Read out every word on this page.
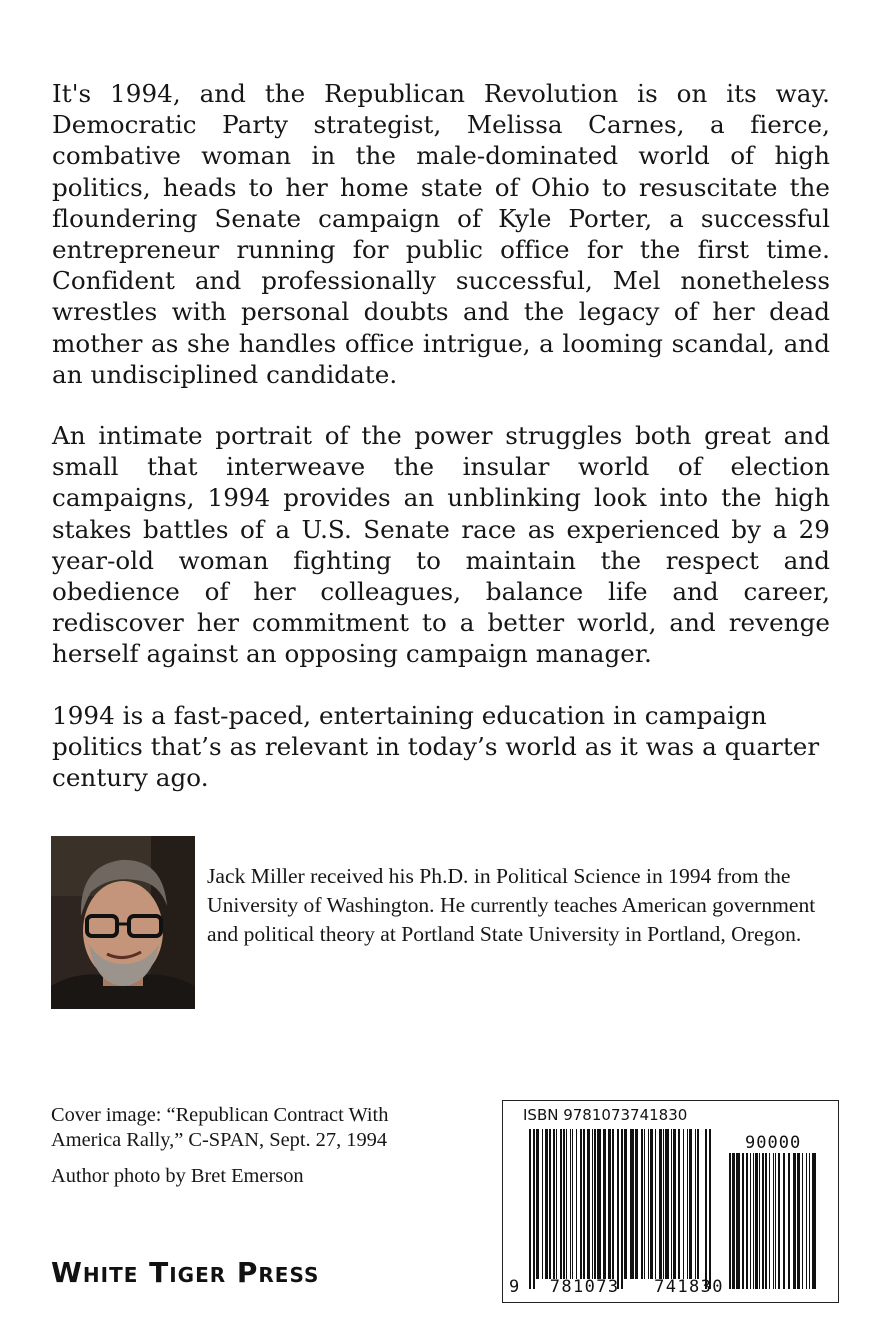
It's 1994, and the Republican Revolution is on its way. Democratic Party strategist, Melissa Carnes, a fierce, combative woman in the male-dominated world of high politics, heads to her home state of Ohio to resuscitate the floundering Senate campaign of Kyle Porter, a successful entrepreneur running for public office for the first time. Confident and professionally successful, Mel nonetheless wrestles with personal doubts and the legacy of her dead mother as she handles office intrigue, a looming scandal, and an undisciplined candidate.

An intimate portrait of the power struggles both great and small that interweave the insular world of election campaigns, 1994 provides an unblinking look into the high stakes battles of a U.S. Senate race as experienced by a 29 year-old woman fighting to maintain the respect and obedience of her colleagues, balance life and career, rediscover her commitment to a better world, and revenge herself against an opposing campaign manager.

1994 is a fast-paced, entertaining education in campaign politics that’s as relevant in today’s world as it was a quarter century ago.

Jack Miller received his Ph.D. in Political Science in 1994 from the University of Washington. He currently teaches American government and political theory at Portland State University in Portland, Oregon.

Cover image: “Republican Contract With
America Rally,” C-SPAN, Sept. 27, 1994
Author photo by Bret Emerson
White Tiger Press
ISBN 9781073741830
90000
9 781073 741830
